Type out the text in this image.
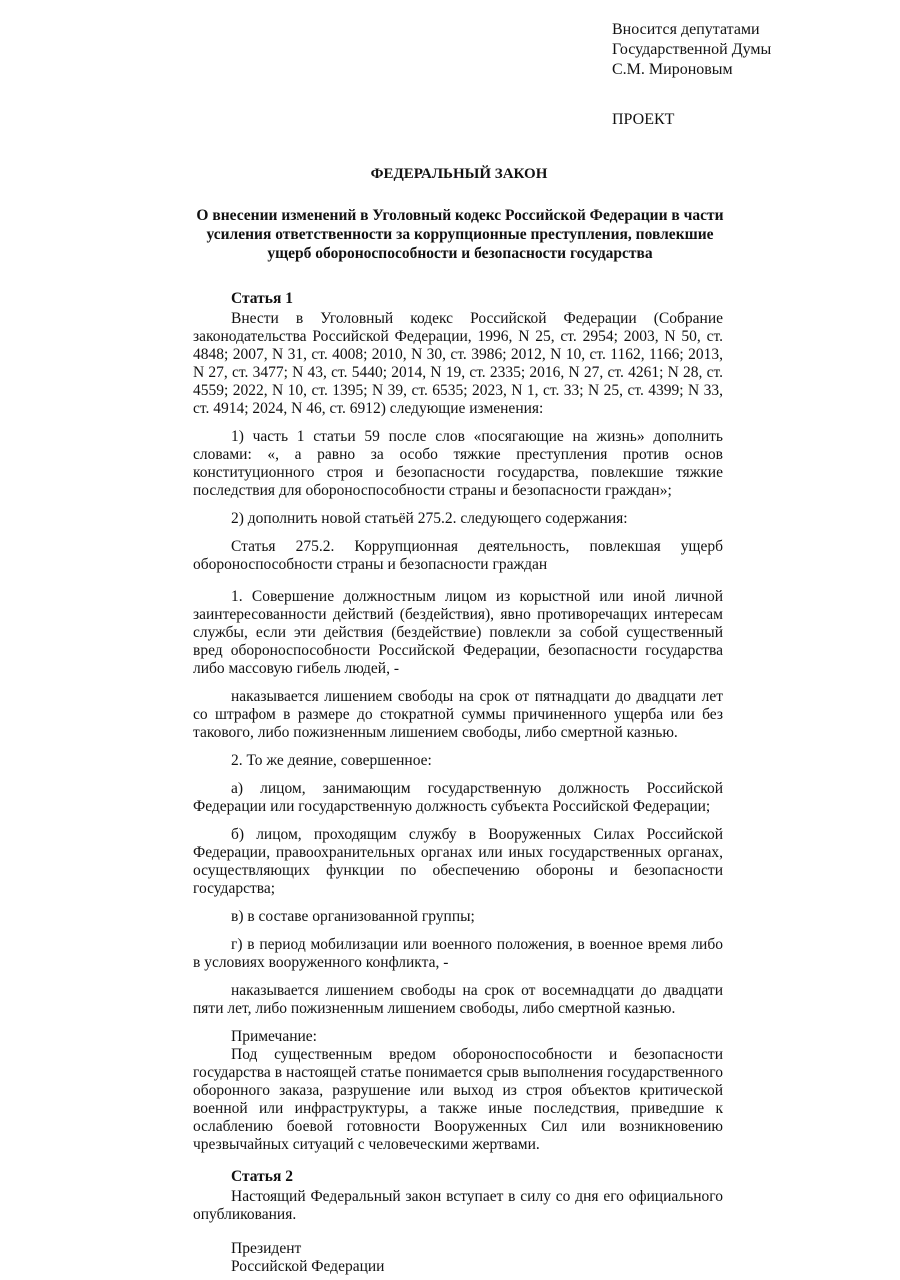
Вносится депутатами
Государственной Думы
С.М. Мироновым
ПРОЕКТ
ФЕДЕРАЛЬНЫЙ ЗАКОН
О внесении изменений в Уголовный кодекс Российской Федерации в части усиления ответственности за коррупционные преступления, повлекшие ущерб обороноспособности и безопасности государства
Статья 1

Внести в Уголовный кодекс Российской Федерации (Собрание законодательства Российской Федерации, 1996, N 25, ст. 2954; 2003, N 50, ст. 4848; 2007, N 31, ст. 4008; 2010, N 30, ст. 3986; 2012, N 10, ст. 1162, 1166; 2013, N 27, ст. 3477; N 43, ст. 5440; 2014, N 19, ст. 2335; 2016, N 27, ст. 4261; N 28, ст. 4559; 2022, N 10, ст. 1395; N 39, ст. 6535; 2023, N 1, ст. 33; N 25, ст. 4399; N 33, ст. 4914; 2024, N 46, ст. 6912) следующие изменения:

1) часть 1 статьи 59 после слов «посягающие на жизнь» дополнить словами: «, а равно за особо тяжкие преступления против основ конституционного строя и безопасности государства, повлекшие тяжкие последствия для обороноспособности страны и безопасности граждан»;

2) дополнить новой статьёй 275.2. следующего содержания:

Статья 275.2. Коррупционная деятельность, повлекшая ущерб обороноспособности страны и безопасности граждан

1. Совершение должностным лицом из корыстной или иной личной заинтересованности действий (бездействия), явно противоречащих интересам службы, если эти действия (бездействие) повлекли за собой существенный вред обороноспособности Российской Федерации, безопасности государства либо массовую гибель людей, -

наказывается лишением свободы на срок от пятнадцати до двадцати лет со штрафом в размере до стократной суммы причиненного ущерба или без такового, либо пожизненным лишением свободы, либо смертной казнью.

2. То же деяние, совершенное:

а) лицом, занимающим государственную должность Российской Федерации или государственную должность субъекта Российской Федерации;

б) лицом, проходящим службу в Вооруженных Силах Российской Федерации, правоохранительных органах или иных государственных органах, осуществляющих функции по обеспечению обороны и безопасности государства;

в) в составе организованной группы;

г) в период мобилизации или военного положения, в военное время либо в условиях вооруженного конфликта, -

наказывается лишением свободы на срок от восемнадцати до двадцати пяти лет, либо пожизненным лишением свободы, либо смертной казнью.

Примечание:

Под существенным вредом обороноспособности и безопасности государства в настоящей статье понимается срыв выполнения государственного оборонного заказа, разрушение или выход из строя объектов критической военной или инфраструктуры, а также иные последствия, приведшие к ослаблению боевой готовности Вооруженных Сил или возникновению чрезвычайных ситуаций с человеческими жертвами.

Статья 2

Настоящий Федеральный закон вступает в силу со дня его официального опубликования.

Президент
Российской Федерации
